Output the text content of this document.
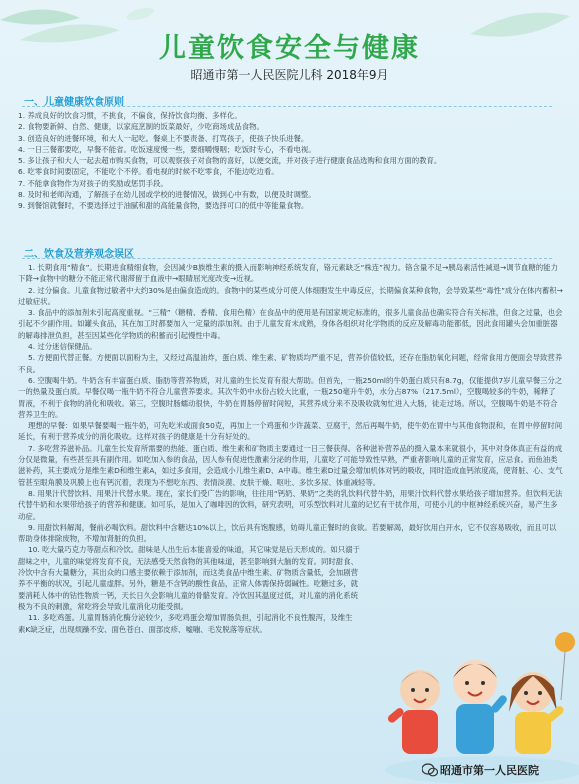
儿童饮食安全与健康
昭通市第一人民医院儿科 2018年9月
一、儿童健康饮食原则

1. 养成良好的饮食习惯，不挑食，不偏食，保持饮食均衡、多样化。

2. 食物要新鲜、自然、健康，以家庭烹制的饭菜最好，少吃商场成品食物。

3. 创造良好的进餐环境，和大人一起吃。餐桌上不要责备、打骂孩子，使孩子快乐进餐。

4. 一日三餐都要吃，早餐不能省。吃饭速度慢一些，要细嚼慢咽；吃饭时专心，不看电视。

5. 多让孩子和大人一起去超市购买食物，可以观察孩子对食物的喜好，以便交流，并对孩子进行健康食品选购和食用方面的教育。

6. 吃零食时间要固定，不能吃个不停。看电视的时候不吃零食，不能边吃边看。

7. 不能拿食物作为对孩子的奖励或惩罚手段。

8. 及时和老师沟通，了解孩子在幼儿园或学校的进餐情况，做到心中有数，以便及时调整。

9. 到餐馆就餐时，不要选择过于油腻和甜的高能量食物，要选择可口的低中等能量食物。

二、饮食及营养观念误区

1. 长期食用“精食”。长期进食精细食物，会因减少B族维生素的摄入而影响神经系统发育，铬元素缺乏“株连”视力。铬含量不足→胰岛素活性减退→调节血糖的能力下降→食物中的糖分不能正常代谢滞留于血液中→眼睛屈光度改变→近视。

2. 过分偏食。儿童食物过敏者中大约30%是由偏食造成的。食物中的某些成分可使人体细胞发生中毒反应，长期偏食某种食物，会导致某些“毒性”成分在体内蓄积→过敏症状。

3. 食品中的添加剂未引起高度重视。“三精”（糖精、香精、食用色精）在食品中的使用是有国家规定标准的，很多儿童食品也确实符合有关标准，但食之过量，也会引起不少副作用。如罐头食品，其在加工时都要加入一定量的添加剂。由于儿童发育未成熟，身体各组织对化学物质的反应及解毒功能都低，因此食用罐头会加重脏器的解毒排泄负担，甚至因某些化学物质的积蓄而引起慢性中毒。

4. 过分迷信保健品。

5. 方便面代替正餐。方便面以面粉为主，又经过高温油炸，蛋白质、维生素、矿物质均严重不足，营养价值较低，还存在脂肪氧化问题，经常食用方便面会导致营养不良。

6. 空腹喝牛奶。牛奶含有丰富蛋白质、脂肪等营养物质，对儿童的生长发育有很大帮助。但首先，一瓶250ml的牛奶蛋白质只有8.7g，仅能提供7岁儿童早餐三分之一的热量及蛋白质。早餐仅喝一瓶牛奶不符合儿童营养要求。其次牛奶中水份占较大比重，一瓶250毫升牛奶，水分占87%（217.5ml），空腹喝较多的牛奶，稀释了胃液，不利于食物的消化和吸收。第三，空腹时肠蠕动很快，牛奶在胃肠停留时间短，其营养成分来不及吸收就匆忙进入大肠，徒走过场。所以，空腹喝牛奶是不符合营养卫生的。

理想的早餐：如果早餐要喝一瓶牛奶，可先吃米或面食50克，再加上一个鸡蛋和少许蔬菜、豆腐干，然后再喝牛奶，使牛奶在胃中与其他食物混和，在胃中停留时间延长，有利于营养成分的消化吸收。这样对孩子的健康是十分有好处的。

7. 多吃营养滋补品。儿童生长发育所需要的热能、蛋白质、维生素和矿物质主要通过一日三餐获得。各种滋补营养品的摄入量本来就很小，其中对身体真正有益的成分仅是微量，有些甚至具有副作用。如吃加入参的食品，因人参有促进性激素分泌的作用，儿童吃了可能导致性早熟，严重者影响儿童的正常发育，应忌食。而鱼油类滋补药，其主要成分是维生素D和维生素A，如过多食用，会造成小儿维生素D、A中毒。维生素D过量会增加机体对钙的吸收，同时造成血钙浓度高，使肾脏、心、支气管甚至眼角膜及巩膜上也有钙沉着，表现为不想吃东西、表情淡漠、皮肤干燥、呕吐、多饮多尿、体重减轻等。

8. 用果汁代替饮料、用果汁代替水果。现在，家长们受广告的影响，往往用“钙奶、果奶”之类的乳饮料代替牛奶，用果汁饮料代替水果给孩子增加营养。但饮料无法代替牛奶和水果带给孩子的营养和健康。如可乐，是加入了咖啡因的饮料，研究表明，可乐型饮料对儿童的记忆有干扰作用，可使小儿的中枢神经系统兴奋，易产生多动症。

9. 用甜饮料解渴，餐前必喝饮料。甜饮料中含糖达10%以上，饮后具有饱腹感，妨碍儿童正餐时的食欲。若要解渴，最好饮用白开水，它不仅容易吸收，而且可以帮助身体排除废物，不增加肾脏的负担。

10. 吃大量巧克力等甜点和冷饮。甜味是人出生后本能喜爱的味道，其它味觉是后天形成的。如只溺于甜味之中，儿童的味觉将发育不良，无法感受天然食物的其他味道，甚至影响到大脑的发育。同时甜食、冷饮中含有大量糖分，其出众的口感主要依赖于添加剂，而这类食品中维生素、矿物质含量低，会加剧营养不平衡的状况，引起儿童虚胖。另外，糖是不含钙的酸性食品，正常人体需保持弱碱性。吃糖过多，就要消耗人体中的钴性物质一钙，天长日久会影响儿童的骨骼发育。冷饮因其温度过低，对儿童的消化系统极为不良的刺激，常吃将会导致儿童消化功能受损。

11. 多吃鸡蛋。儿童胃肠消化酶分泌较少，多吃鸡蛋会增加胃肠负担，引起消化不良性腹泻，及维生素K缺乏症，出现烦躁不安、面色苍白、面部皮疹、嘘嘣、毛发脱落等症状。

昭通市第一人民医院
